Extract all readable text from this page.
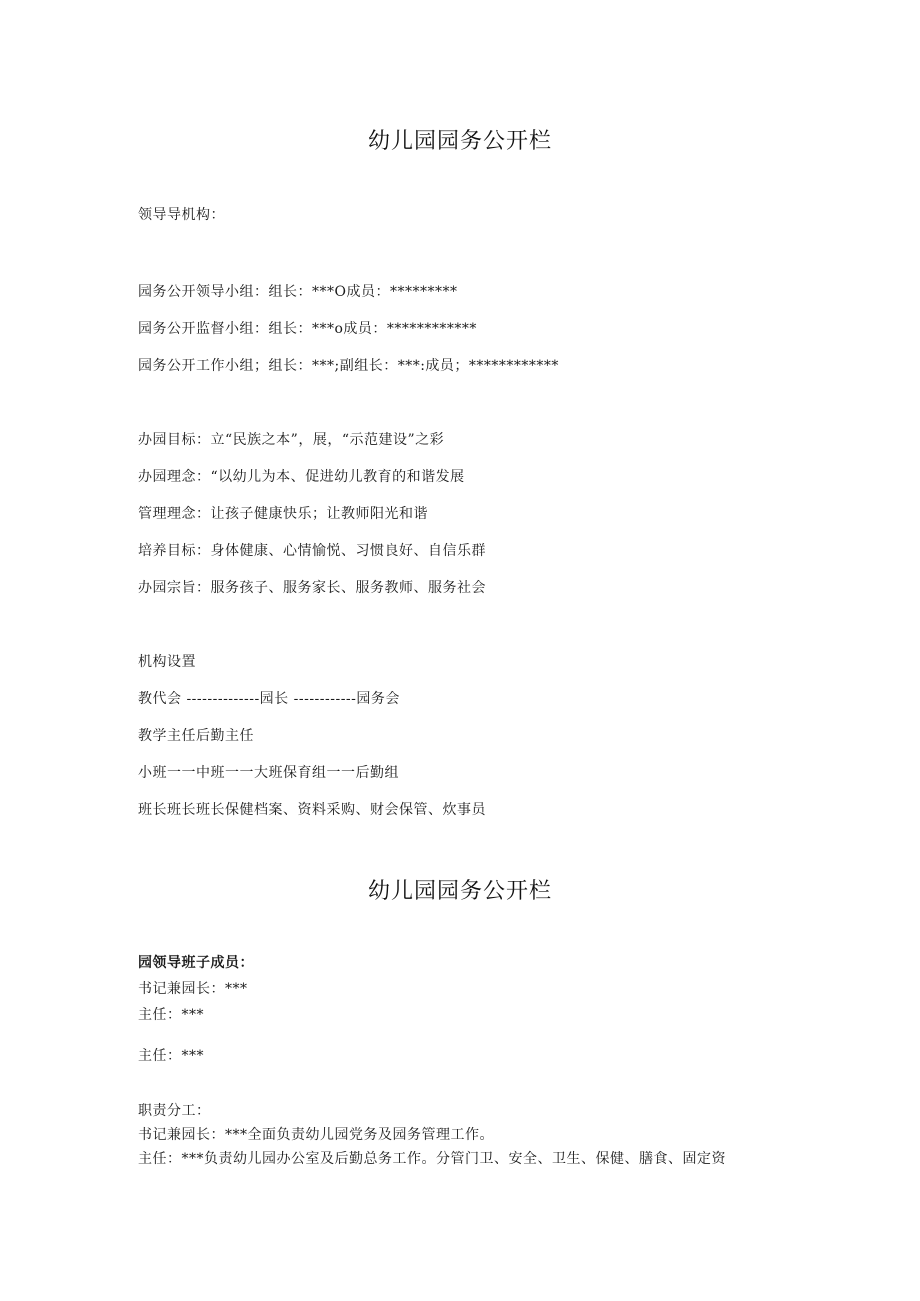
幼儿园园务公开栏
领导导机构：
园务公开领导小组：组长：***O成员：*********
园务公开监督小组：组长：***o成员：************
园务公开工作小组；组长：***;副组长：***:成员；************
办园目标：立“民族之本”，展，“示范建设”之彩
办园理念：“以幼儿为本、促进幼儿教育的和谐发展
管理理念：让孩子健康快乐；让教师阳光和谐
培养目标：身体健康、心情愉悦、习惯良好、自信乐群
办园宗旨：服务孩子、服务家长、服务教师、服务社会
机构设置
教代会 --------------园长 ------------园务会
教学主任后勤主任
小班一一中班一一大班保育组一一后勤组
班长班长班长保健档案、资料采购、财会保管、炊事员
幼儿园园务公开栏
园领导班子成员：
书记兼园长：***
主任：***
主任：***
职责分工：
书记兼园长：***全面负责幼儿园党务及园务管理工作。
主任：***负责幼儿园办公室及后勤总务工作。分管门卫、安全、卫生、保健、膳食、固定资
